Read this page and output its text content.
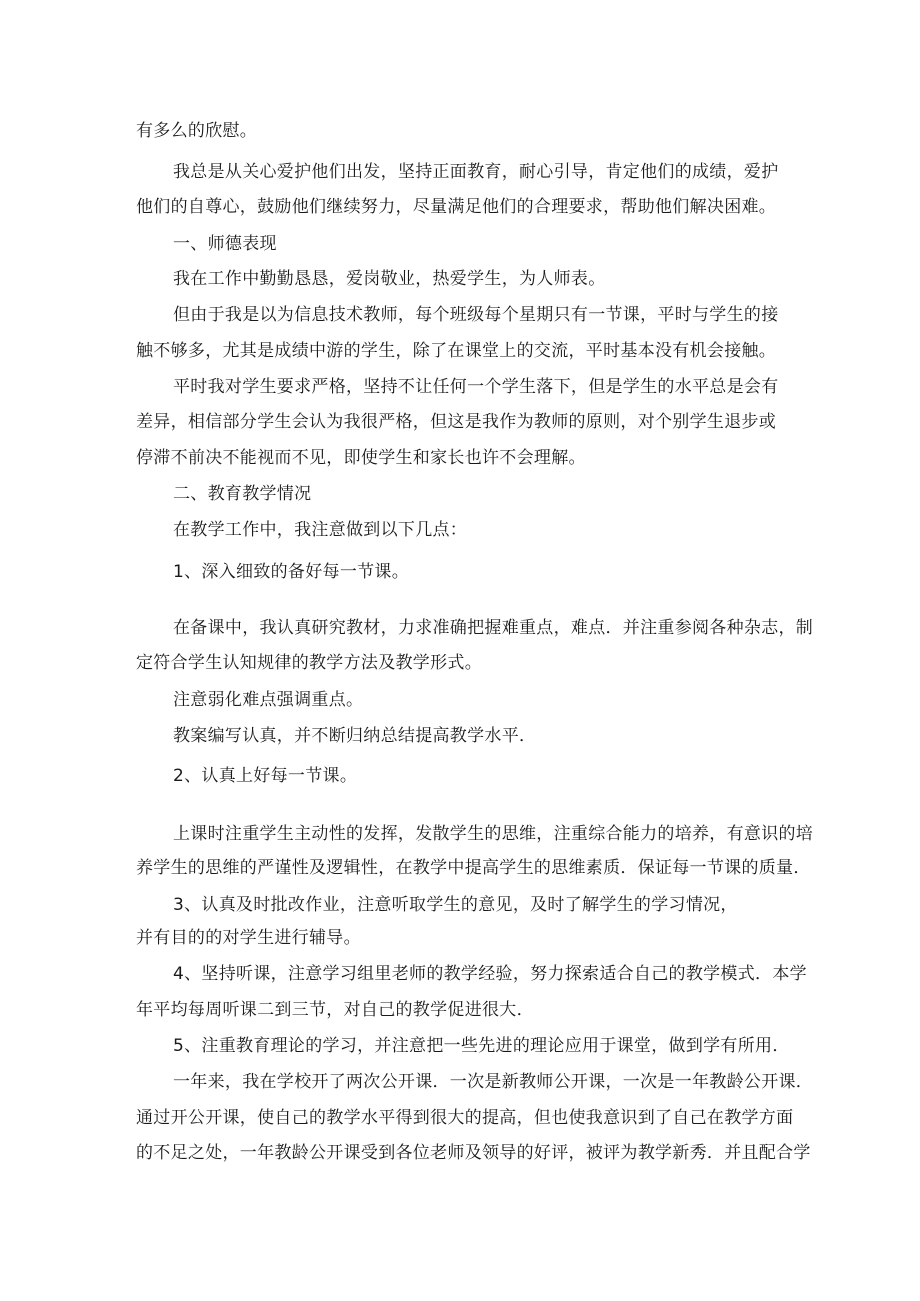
有多么的欣慰。
我总是从关心爱护他们出发，坚持正面教育，耐心引导，肯定他们的成绩，爱护
他们的自尊心，鼓励他们继续努力，尽量满足他们的合理要求，帮助他们解决困难。
一、师德表现
我在工作中勤勤恳恳，爱岗敬业，热爱学生，为人师表。
但由于我是以为信息技术教师，每个班级每个星期只有一节课，平时与学生的接
触不够多，尤其是成绩中游的学生，除了在课堂上的交流，平时基本没有机会接触。
平时我对学生要求严格，坚持不让任何一个学生落下，但是学生的水平总是会有
差异，相信部分学生会认为我很严格，但这是我作为教师的原则，对个别学生退步或
停滞不前决不能视而不见，即使学生和家长也许不会理解。
二、教育教学情况
在教学工作中，我注意做到以下几点：
1、深入细致的备好每一节课。
在备课中，我认真研究教材，力求准确把握难重点，难点．并注重参阅各种杂志，制
定符合学生认知规律的教学方法及教学形式。
注意弱化难点强调重点。
教案编写认真，并不断归纳总结提高教学水平．
2、认真上好每一节课。
上课时注重学生主动性的发挥，发散学生的思维，注重综合能力的培养，有意识的培
养学生的思维的严谨性及逻辑性，在教学中提高学生的思维素质．保证每一节课的质量．
3、认真及时批改作业，注意听取学生的意见，及时了解学生的学习情况，
并有目的的对学生进行辅导。
4、坚持听课，注意学习组里老师的教学经验，努力探索适合自己的教学模式．本学
年平均每周听课二到三节，对自己的教学促进很大．
5、注重教育理论的学习，并注意把一些先进的理论应用于课堂，做到学有所用．
一年来，我在学校开了两次公开课．一次是新教师公开课，一次是一年教龄公开课．
通过开公开课，使自己的教学水平得到很大的提高，但也使我意识到了自己在教学方面
的不足之处，一年教龄公开课受到各位老师及领导的好评，被评为教学新秀．并且配合学
